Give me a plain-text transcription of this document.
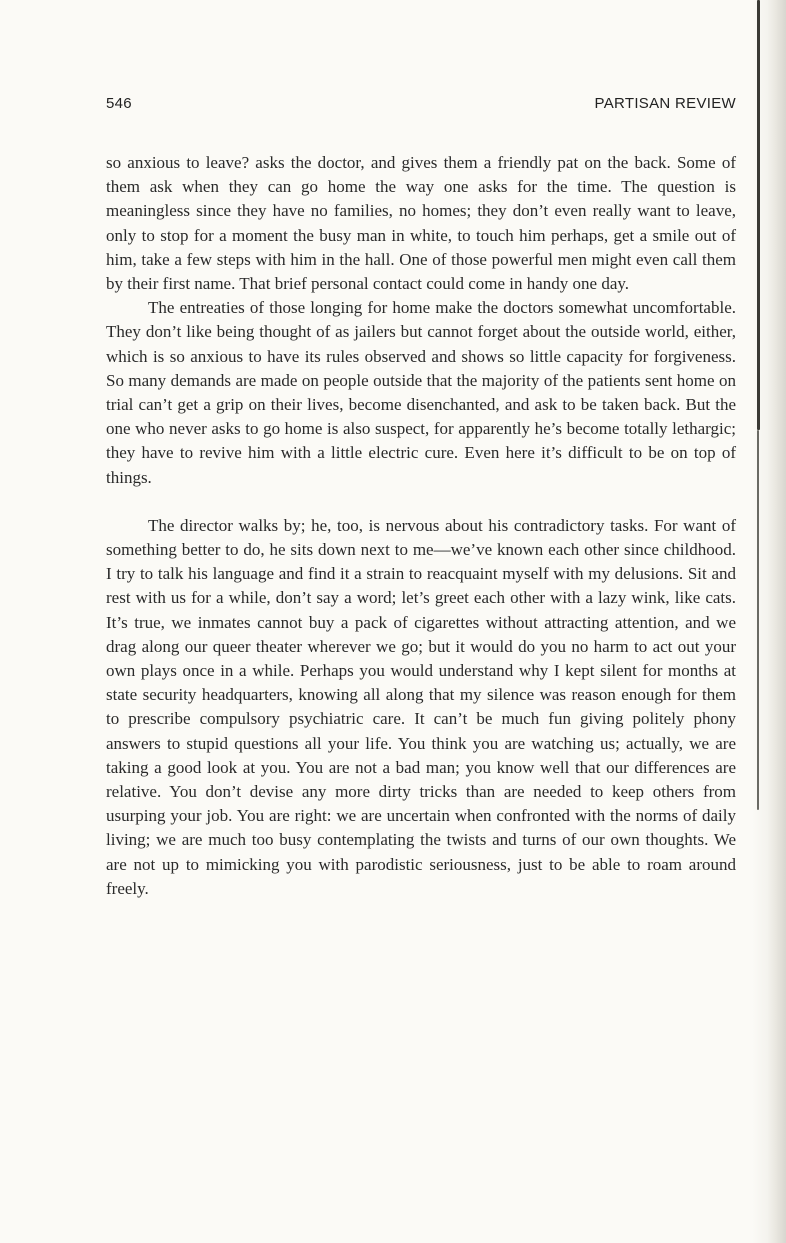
546	PARTISAN REVIEW

so anxious to leave? asks the doctor, and gives them a friendly pat on the back. Some of them ask when they can go home the way one asks for the time. The question is meaningless since they have no families, no homes; they don’t even really want to leave, only to stop for a moment the busy man in white, to touch him perhaps, get a smile out of him, take a few steps with him in the hall. One of those powerful men might even call them by their first name. That brief personal contact could come in handy one day.

The entreaties of those longing for home make the doctors somewhat uncomfortable. They don’t like being thought of as jailers but cannot forget about the outside world, either, which is so anxious to have its rules observed and shows so little capacity for forgiveness. So many demands are made on people outside that the majority of the patients sent home on trial can’t get a grip on their lives, become disenchanted, and ask to be taken back. But the one who never asks to go home is also suspect, for apparently he’s become totally lethargic; they have to revive him with a little electric cure. Even here it’s difficult to be on top of things.

The director walks by; he, too, is nervous about his contradictory tasks. For want of something better to do, he sits down next to me—we’ve known each other since childhood. I try to talk his language and find it a strain to reacquaint myself with my delusions. Sit and rest with us for a while, don’t say a word; let’s greet each other with a lazy wink, like cats. It’s true, we inmates cannot buy a pack of cigarettes without attracting attention, and we drag along our queer theater wherever we go; but it would do you no harm to act out your own plays once in a while. Perhaps you would understand why I kept silent for months at state security headquarters, knowing all along that my silence was reason enough for them to prescribe compulsory psychiatric care. It can’t be much fun giving politely phony answers to stupid questions all your life. You think you are watching us; actually, we are taking a good look at you. You are not a bad man; you know well that our differences are relative. You don’t devise any more dirty tricks than are needed to keep others from usurping your job. You are right: we are uncertain when confronted with the norms of daily living; we are much too busy contemplating the twists and turns of our own thoughts. We are not up to mimicking you with parodistic seriousness, just to be able to roam around freely.
